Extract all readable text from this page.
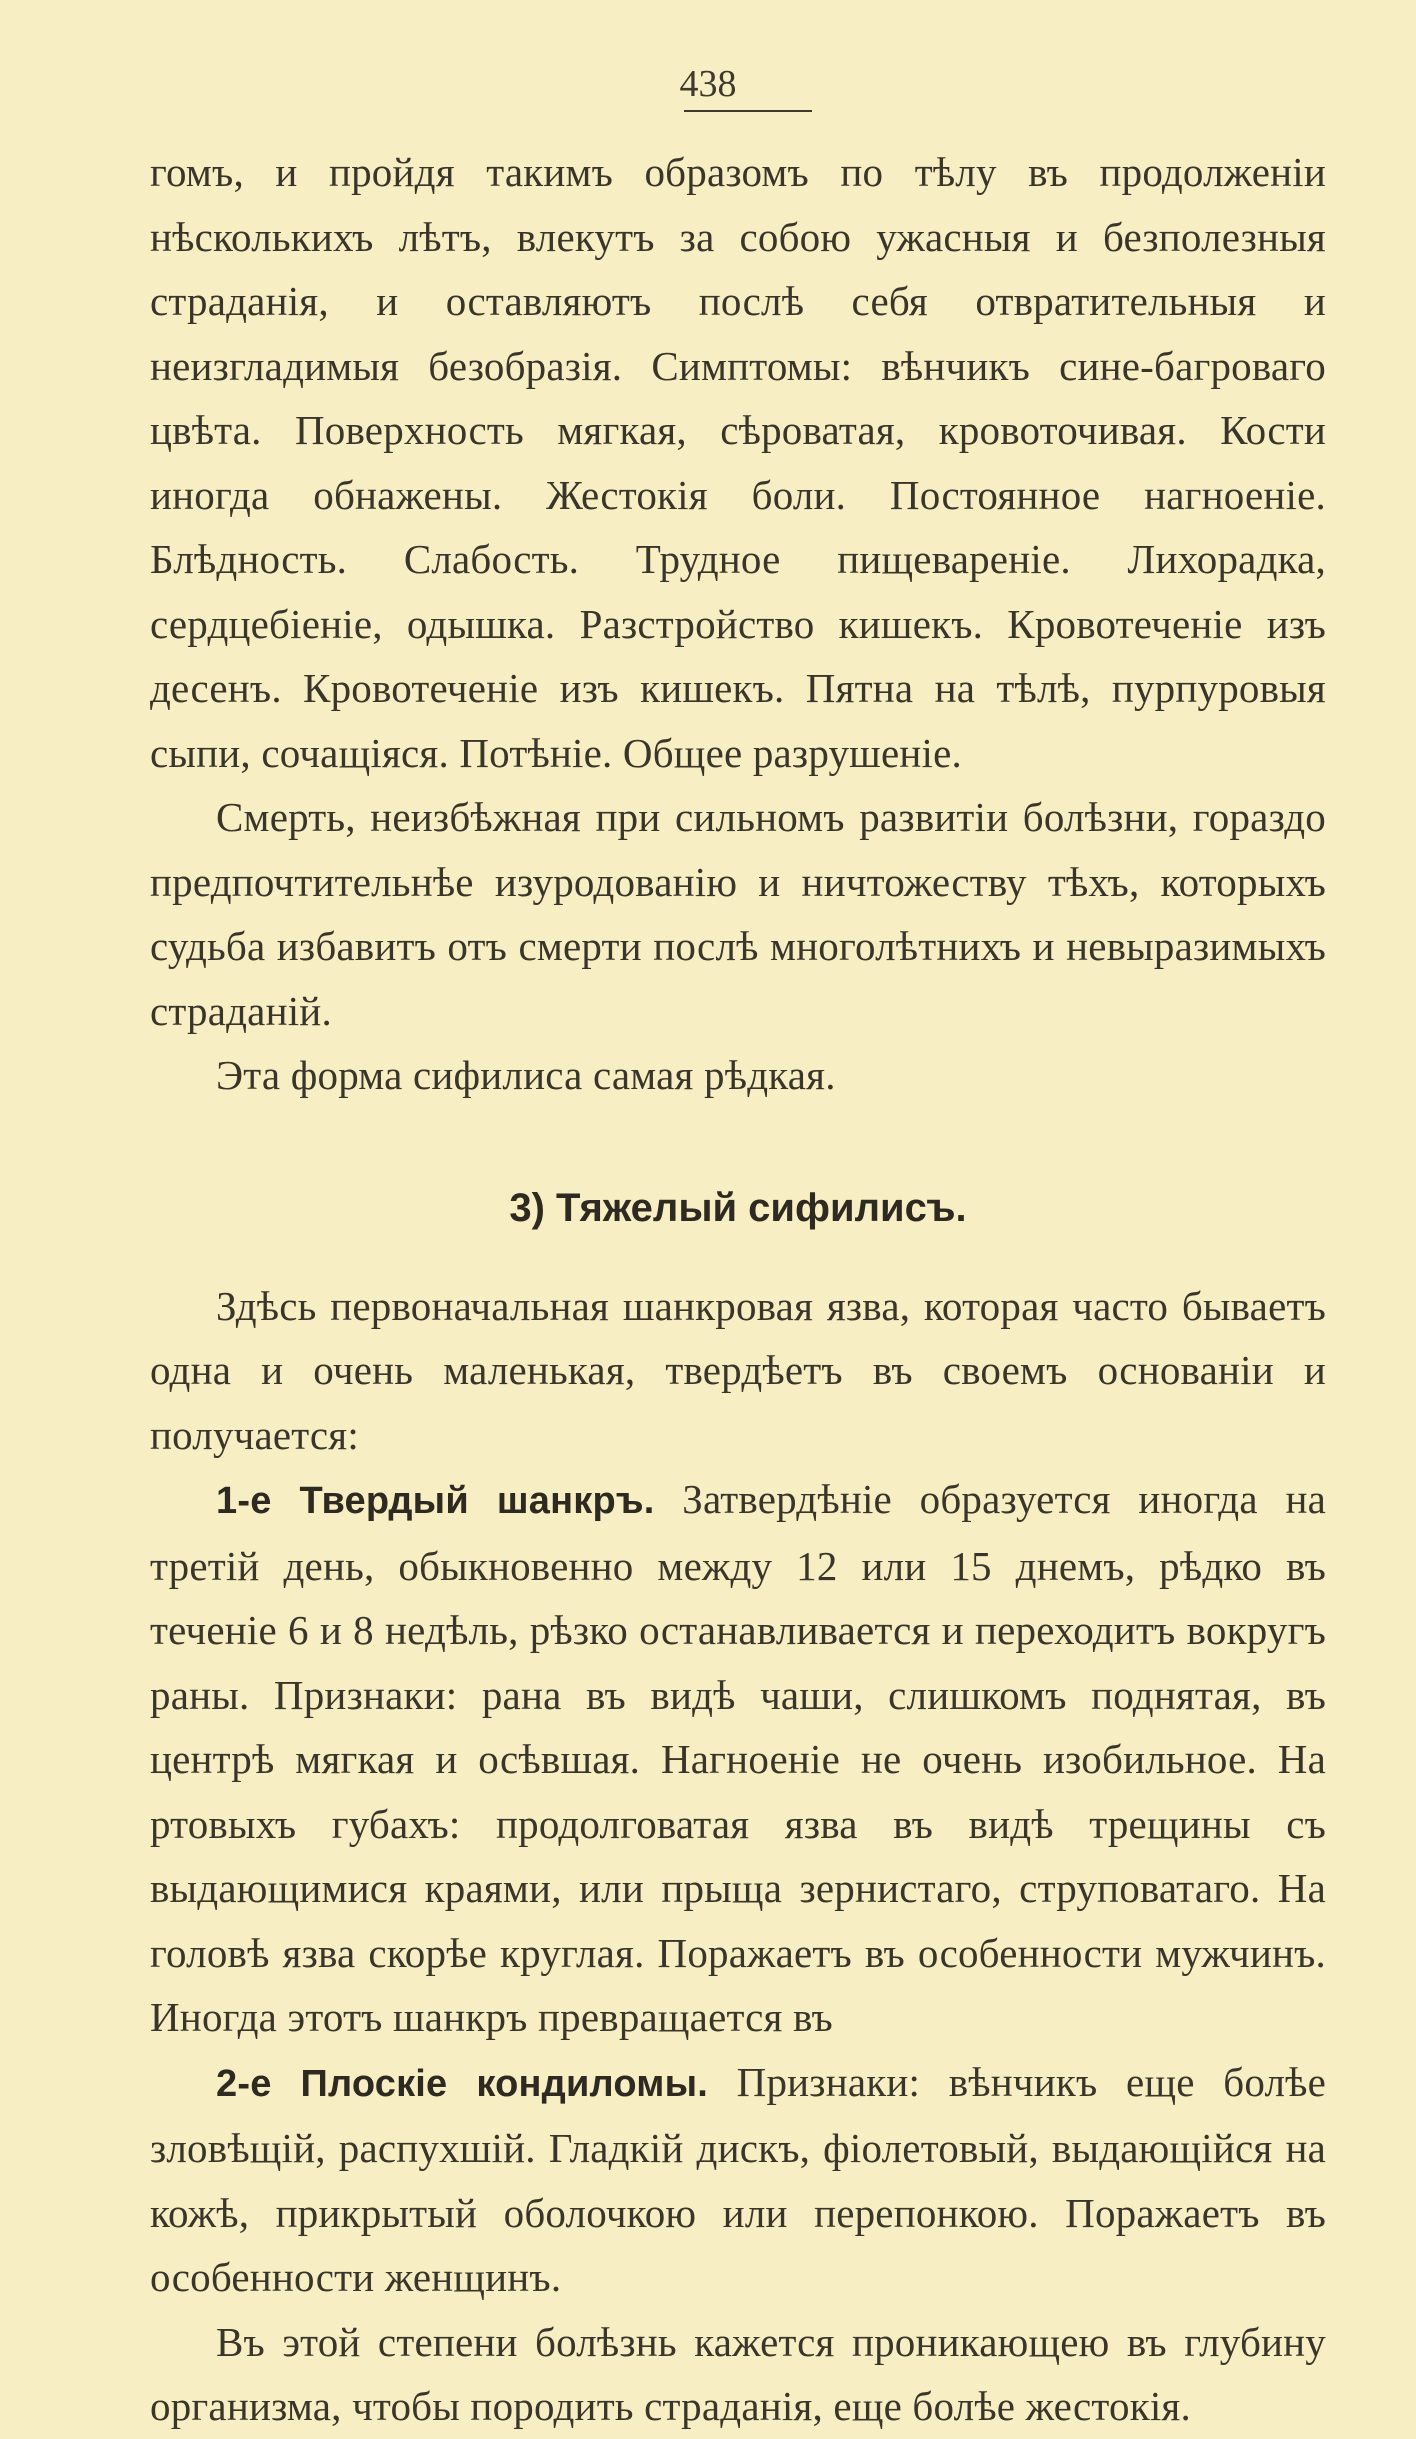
438

гомъ, и пройдя такимъ образомъ по тѣлу въ продолженіи нѣсколькихъ лѣтъ, влекутъ за собою ужасныя и безполезныя страданія, и оставляютъ послѣ себя отвратительныя и неизгладимыя безобразія. Симптомы: вѣнчикъ сине-багроваго цвѣта. Поверхность мягкая, сѣроватая, кровоточивая. Кости иногда обнажены. Жестокія боли. Постоянное нагноеніе. Блѣдность. Слабость. Трудное пищевареніе. Лихорадка, сердцебіеніе, одышка. Разстройство кишекъ. Кровотеченіе изъ десенъ. Кровотеченіе изъ кишекъ. Пятна на тѣлѣ, пурпуровыя сыпи, сочащіяся. Потѣніе. Общее разрушеніе.

Смерть, неизбѣжная при сильномъ развитіи болѣзни, гораздо предпочтительнѣе изуродованію и ничтожеству тѣхъ, которыхъ судьба избавитъ отъ смерти послѣ многолѣтнихъ и невыразимыхъ страданій.

Эта форма сифилиса самая рѣдкая.

3) Тяжелый сифилисъ.

Здѣсь первоначальная шанкровая язва, которая часто бываетъ одна и очень маленькая, твердѣетъ въ своемъ основаніи и получается:

1-е Твердый шанкръ. Затвердѣніе образуется иногда на третій день, обыкновенно между 12 или 15 днемъ, рѣдко въ теченіе 6 и 8 недѣль, рѣзко останавливается и переходитъ вокругъ раны. Признаки: рана въ видѣ чаши, слишкомъ поднятая, въ центрѣ мягкая и осѣвшая. Нагноеніе не очень изобильное. На ртовыхъ губахъ: продолговатая язва въ видѣ трещины съ выдающимися краями, или прыща зернистаго, струповатаго. На головѣ язва скорѣе круглая. Поражаетъ въ особенности мужчинъ. Иногда этотъ шанкръ превращается въ

2-е Плоскіе кондиломы. Признаки: вѣнчикъ еще болѣе зловѣщій, распухшій. Гладкій дискъ, фіолетовый, выдающійся на кожѣ, прикрытый оболочкою или перепонкою. Поражаетъ въ особенности женщинъ.

Въ этой степени болѣзнь кажется проникающею въ глубину организма, чтобы породить страданія, еще болѣе жестокія.
